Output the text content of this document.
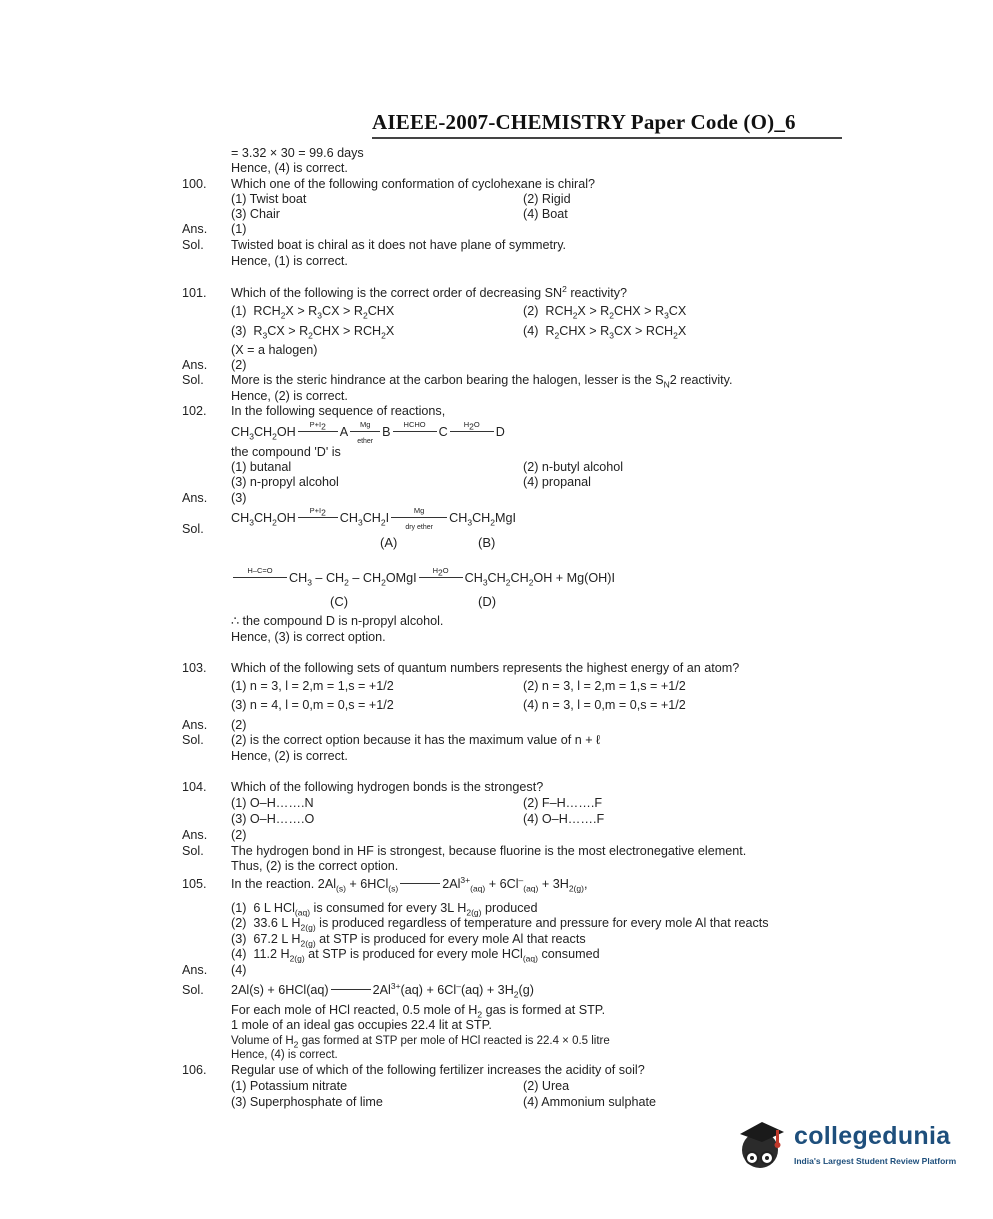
AIEEE-2007-CHEMISTRY Paper Code (O)_6
= 3.32 × 30 = 99.6 days
Hence, (4) is correct.
100. Which one of the following conformation of cyclohexane is chiral?
(1) Twist boat	(2) Rigid
(3) Chair	(4) Boat
Ans. (1)
Sol. Twisted boat is chiral as it does not have plane of symmetry.
Hence, (1) is correct.
101. Which of the following is the correct order of decreasing $SN^2$ reactivity?
(1)  $RCH_2X > R_3CX > R_2CHX$	(2)  $RCH_2X > R_2CHX > R_3CX$
(3)  $R_3CX > R_2CHX > RCH_2X$	(4)  $R_2CHX > R_3CX > RCH_2X$
(X = a halogen)
Ans. (2)
Sol. More is the steric hindrance at the carbon bearing the halogen, lesser is the $S_N2$ reactivity.
Hence, (2) is correct.
102. In the following sequence of reactions,
$CH_3CH_2OH$
$P+I_2$	A
Mg
ether
B
HCHO
C
$H_2O$
D
the compound 'D' is
(1) butanal	(2) n-butyl alcohol
(3) n-propyl alcohol	(4) propanal
Ans. (3)
Sol.
$CH_3CH_2OH$
$P+I_2$	$CH_3CH_2I$
Mg
dry ether
$CH_3CH_2MgI$
(A)	(B)
H–C=O
$CH_3 - CH_2$ – $CH_2OMgI$
$H_2O$
$CH_3CH_2CH_2OH + Mg(OH)I$
(C)	(D)
∴ the compound D is n-propyl alcohol.
Hence, (3) is correct option.
103. Which of the following sets of quantum numbers represents the highest energy of an atom?
(1) n = 3, l = 2,m = 1,s = +1/2	(2) n = 3, l = 2,m = 1,s = +1/2
(3) n = 4, l = 0,m = 0,s = +1/2	(4) n = 3, l = 0,m = 0,s = +1/2
Ans. (2)
Sol. (2) is the correct option because it has the maximum value of n + ℓ
Hence, (2) is correct.
104. Which of the following hydrogen bonds is the strongest?
(1) O–H…….N	(2) F–H…….F
(3) O–H…….O	(4) O–H…….F
Ans. (2)
Sol. The hydrogen bond in HF is strongest, because fluorine is the most electronegative element.
Thus, (2) is the correct option.
105. In the reaction. $2Al_{(s)} + 6HCl_{(s)}$	$2Al^{3+}_{(aq)} + 6Cl^-_{(aq)} + 3H_{2(g)}$,
(1)  6 L HCl$_{(aq)}$ is consumed for every 3L $H_{2(g)}$ produced
(2)  33.6 L $H_{2(g)}$ is produced regardless of temperature and pressure for every mole Al that reacts
(3)  67.2 L $H_{2(g)}$ at STP is produced for every mole Al that reacts
(4)  11.2 $H_{2(g)}$ at STP is produced for every mole HCl$_{(aq)}$ consumed
Ans. (4)
Sol. 2Al(s) + 6HCl(aq)	$2Al^{3+}(aq) + 6Cl^-(aq) + 3H_2(g)$
For each mole of HCl reacted, 0.5 mole of $H_2$ gas is formed at STP.
1 mole of an ideal gas occupies 22.4 lit at STP.
Volume of $H_2$ gas formed at STP per mole of HCl reacted is 22.4 × 0.5 litre
Hence, (4) is correct.
106. Regular use of which of the following fertilizer increases the acidity of soil?
(1) Potassium nitrate	(2) Urea
(3) Superphosphate of lime	(4) Ammonium sulphate
collegedunia
India's Largest Student Review Platform
